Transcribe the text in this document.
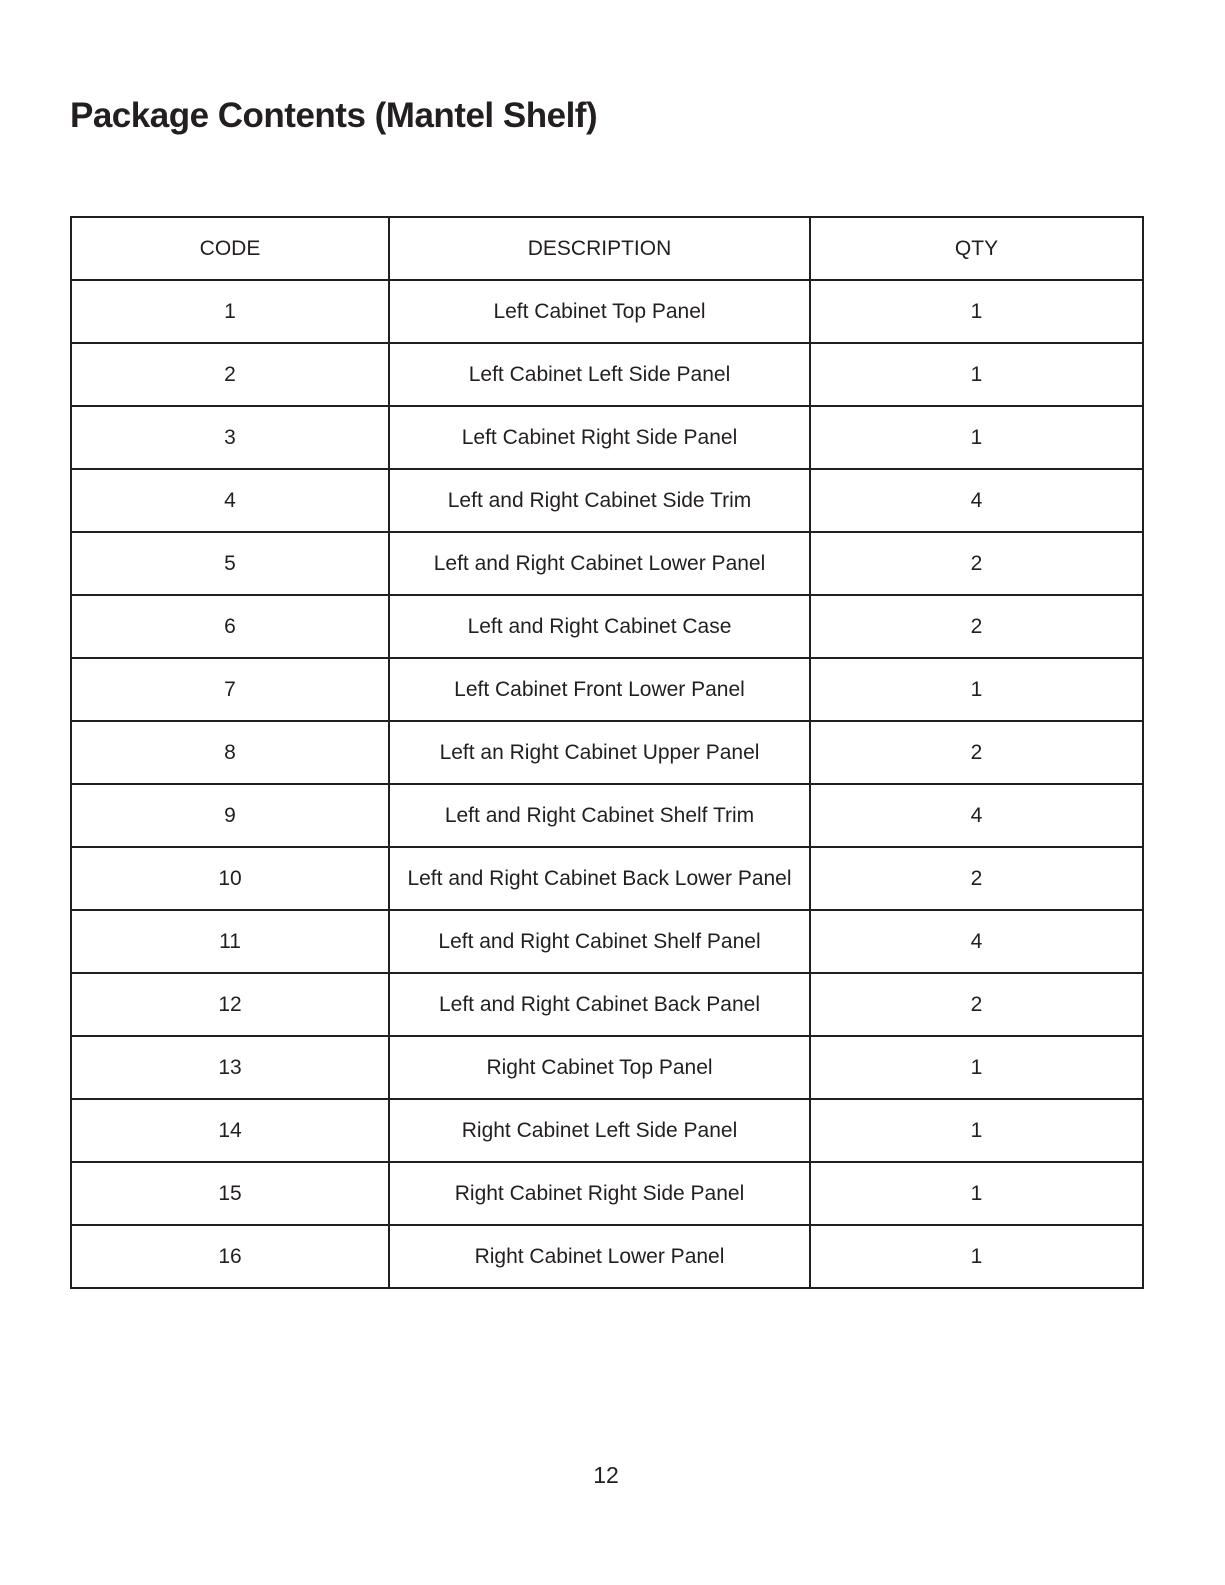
Package Contents (Mantel Shelf)
CODE	DESCRIPTION	QTY
1	Left Cabinet Top Panel	1
2	Left Cabinet Left Side Panel	1
3	Left Cabinet Right Side Panel	1
4	Left and Right Cabinet Side Trim	4
5	Left and Right Cabinet Lower Panel	2
6	Left and Right Cabinet Case	2
7	Left Cabinet Front Lower Panel	1
8	Left an Right Cabinet Upper Panel	2
9	Left and Right Cabinet Shelf Trim	4
10	Left and Right Cabinet Back Lower Panel	2
11	Left and Right Cabinet Shelf Panel	4
12	Left and Right Cabinet Back Panel	2
13	Right Cabinet Top Panel	1
14	Right Cabinet Left Side Panel	1
15	Right Cabinet Right Side Panel	1
16	Right Cabinet Lower Panel	1
12
